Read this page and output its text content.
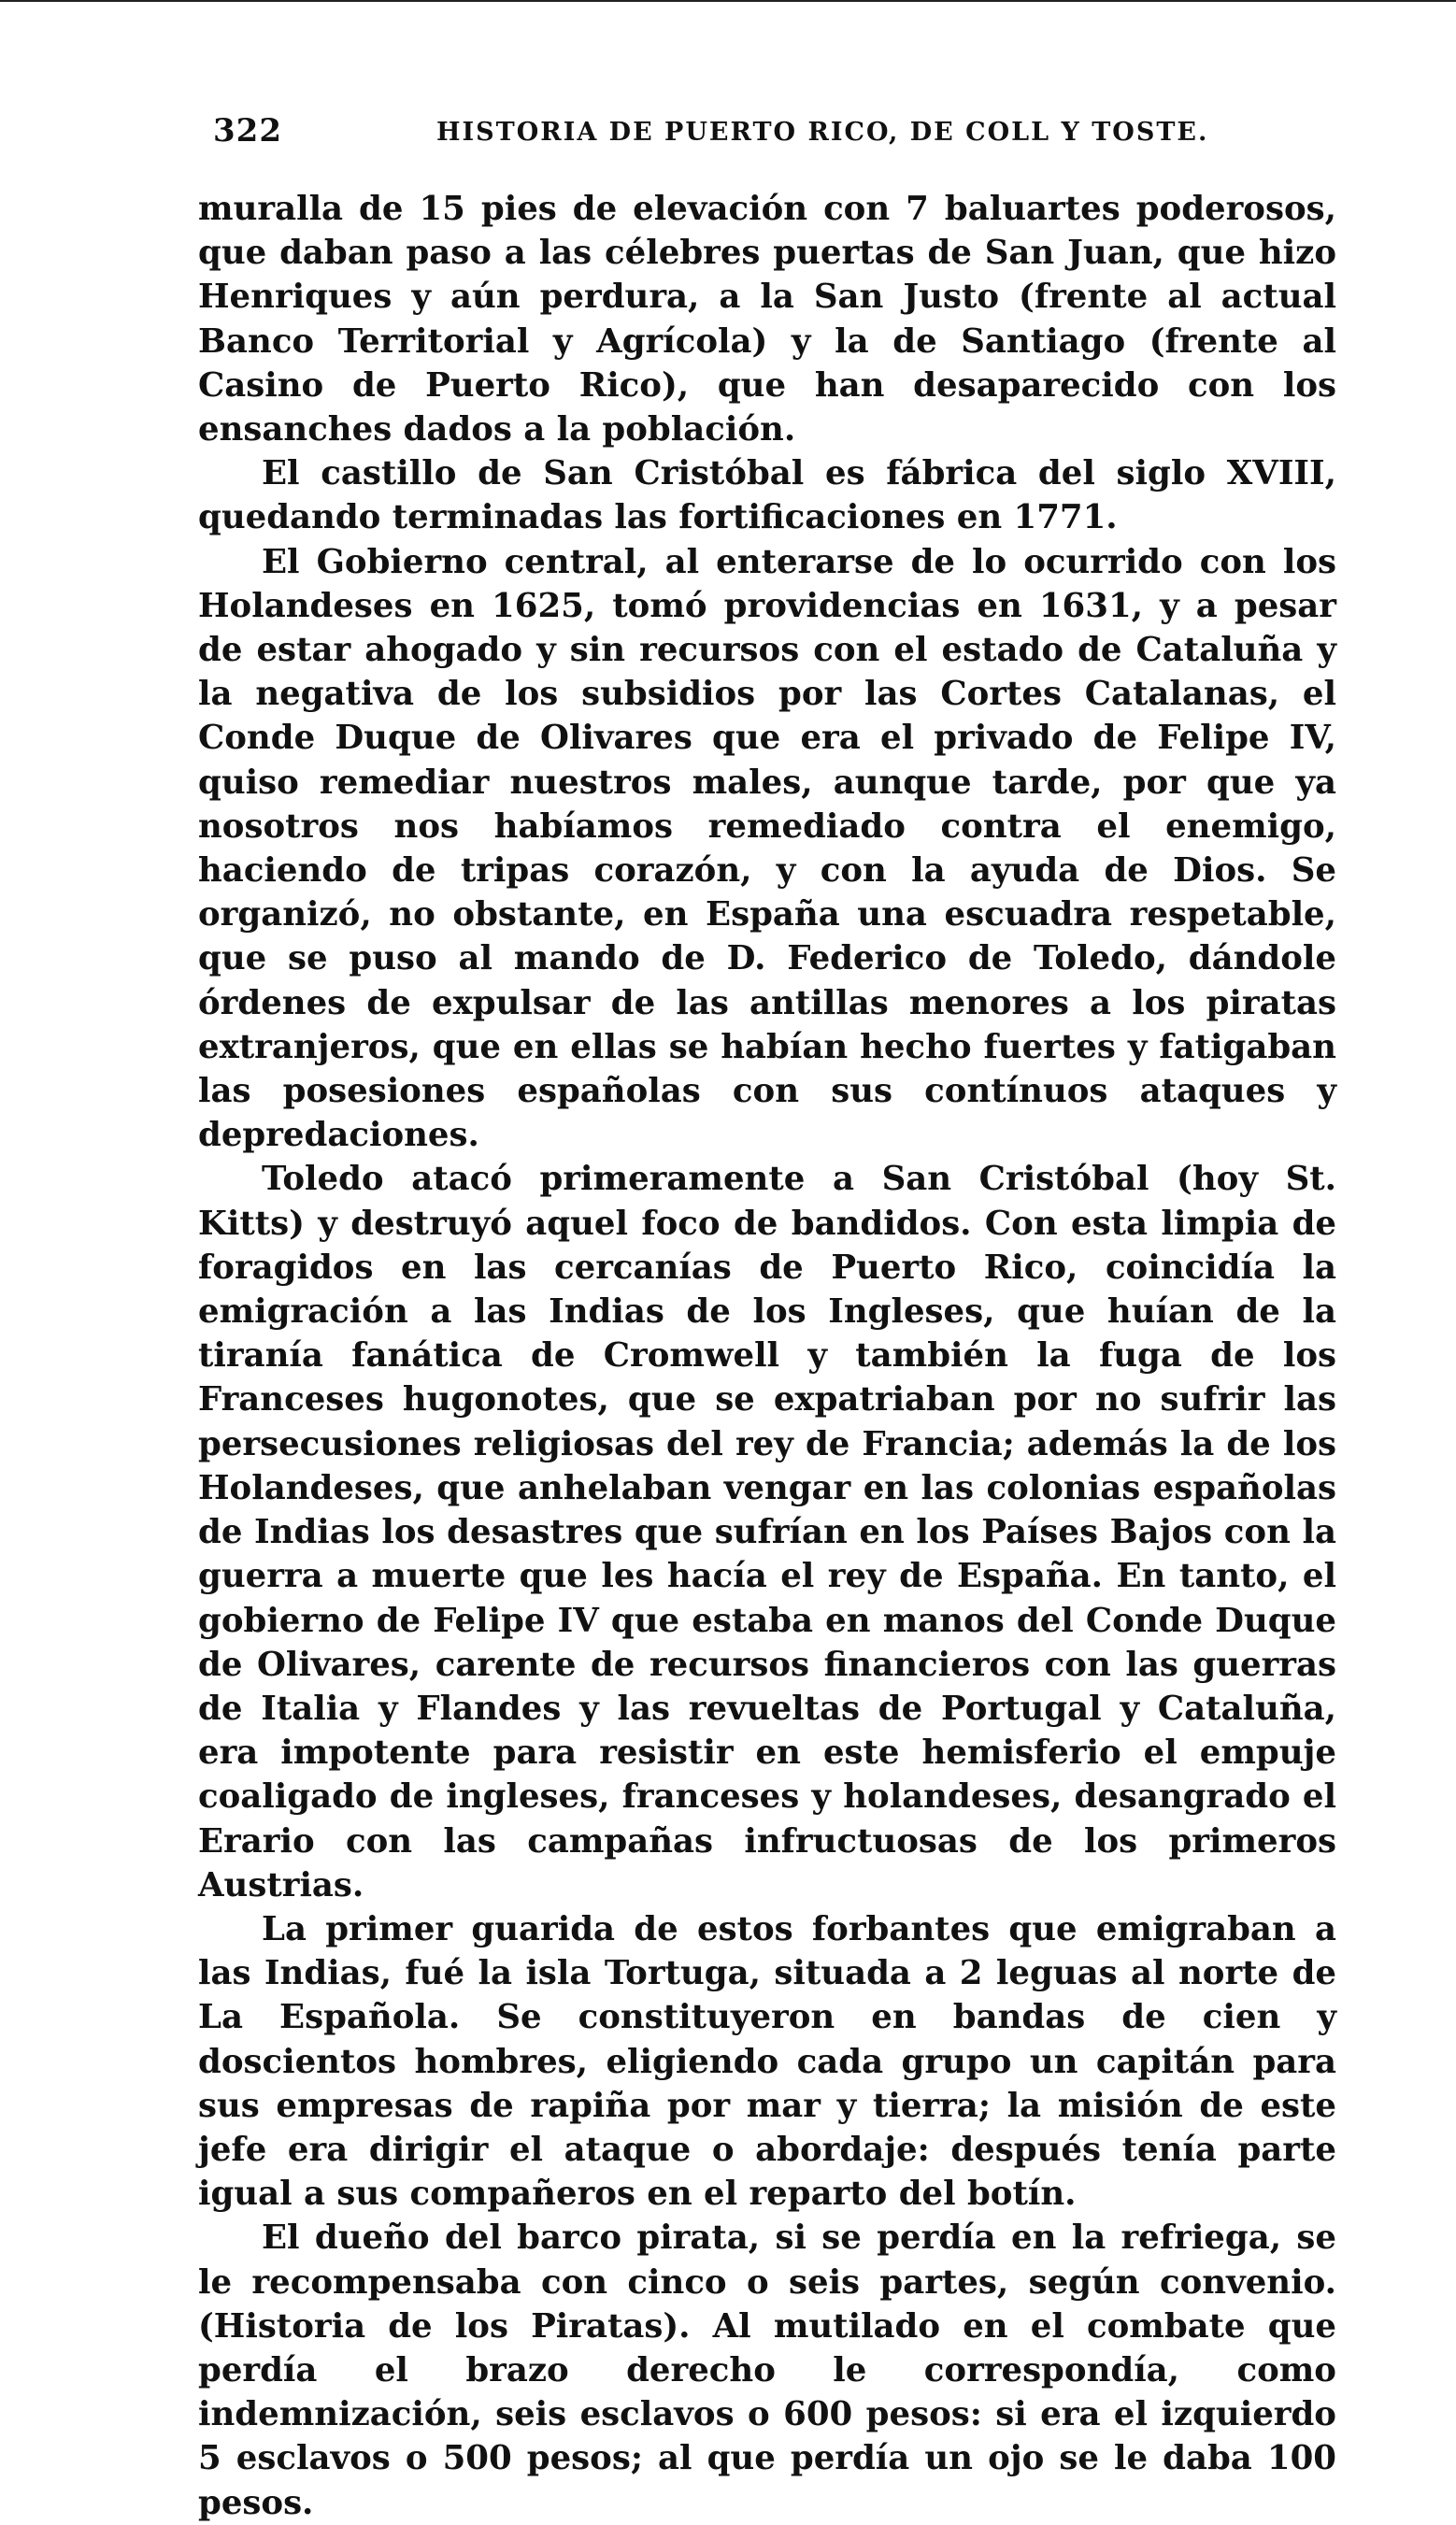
322	HISTORIA DE PUERTO RICO, DE COLL Y TOSTE.

muralla de 15 pies de elevación con 7 baluartes poderosos, que daban paso a las célebres puertas de San Juan, que hizo Henriques y aún perdura, a la San Justo (frente al actual Banco Territorial y Agrícola) y la de Santiago (frente al Casino de Puerto Rico), que han desaparecido con los ensanches dados a la población.

El castillo de San Cristóbal es fábrica del siglo XVIII, quedando terminadas las fortificaciones en 1771.

El Gobierno central, al enterarse de lo ocurrido con los Holandeses en 1625, tomó providencias en 1631, y a pesar de estar ahogado y sin recursos con el estado de Cataluña y la negativa de los subsidios por las Cortes Catalanas, el Conde Duque de Olivares que era el privado de Felipe IV, quiso remediar nuestros males, aunque tarde, por que ya nosotros nos habíamos remediado contra el enemigo, haciendo de tripas corazón, y con la ayuda de Dios. Se organizó, no obstante, en España una escuadra respetable, que se puso al mando de D. Federico de Toledo, dándole órdenes de expulsar de las antillas menores a los piratas extranjeros, que en ellas se habían hecho fuertes y fatigaban las posesiones españolas con sus contínuos ataques y depredaciones.

Toledo atacó primeramente a San Cristóbal (hoy St. Kitts) y destruyó aquel foco de bandidos. Con esta limpia de foragidos en las cercanías de Puerto Rico, coincidía la emigración a las Indias de los Ingleses, que huían de la tiranía fanática de Cromwell y también la fuga de los Franceses hugonotes, que se expatriaban por no sufrir las persecusiones religiosas del rey de Francia; además la de los Holandeses, que anhelaban vengar en las colonias españolas de Indias los desastres que sufrían en los Países Bajos con la guerra a muerte que les hacía el rey de España. En tanto, el gobierno de Felipe IV que estaba en manos del Conde Duque de Olivares, carente de recursos financieros con las guerras de Italia y Flandes y las revueltas de Portugal y Cataluña, era impotente para resistir en este hemisferio el empuje coaligado de ingleses, franceses y holandeses, desangrado el Erario con las campañas infructuosas de los primeros Austrias.

La primer guarida de estos forbantes que emigraban a las Indias, fué la isla Tortuga, situada a 2 leguas al norte de La Española. Se constituyeron en bandas de cien y doscientos hombres, eligiendo cada grupo un capitán para sus empresas de rapiña por mar y tierra; la misión de este jefe era dirigir el ataque o abordaje: después tenía parte igual a sus compañeros en el reparto del botín.

El dueño del barco pirata, si se perdía en la refriega, se le recompensaba con cinco o seis partes, según convenio. (Historia de los Piratas). Al mutilado en el combate que perdía el brazo derecho le correspondía, como indemnización, seis esclavos o 600 pesos: si era el izquierdo 5 esclavos o 500 pesos; al que perdía un ojo se le daba 100 pesos.
